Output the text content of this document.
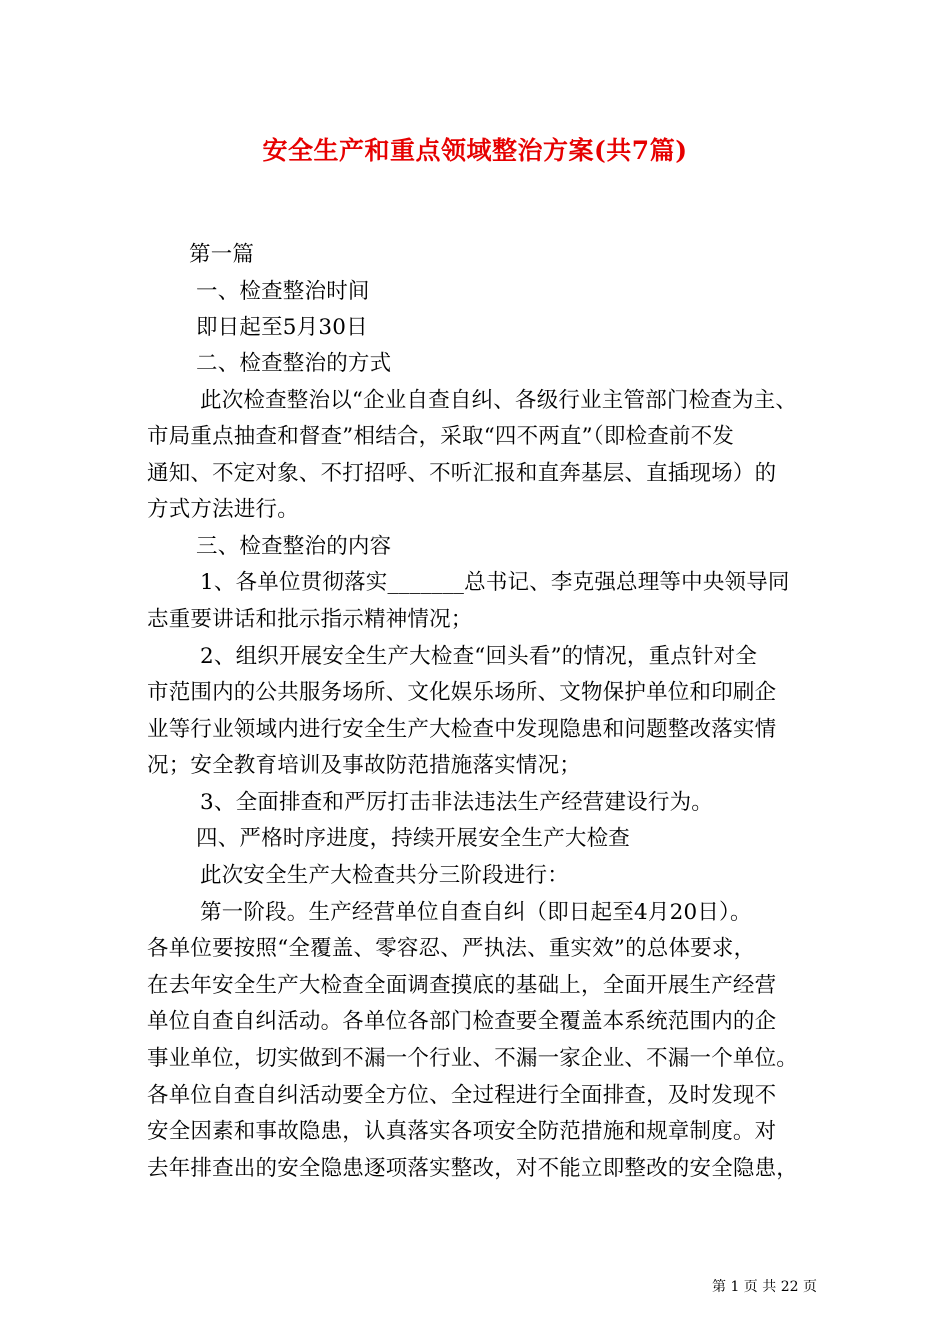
安全生产和重点领域整治方案(共7篇)
第一篇
一、检查整治时间
即日起至5月30日
二、检查整治的方式
此次检查整治以“企业自查自纠、各级行业主管部门检查为主、
市局重点抽查和督查”相结合，采取“四不两直”（即检查前不发
通知、不定对象、不打招呼、不听汇报和直奔基层、直插现场）的
方式方法进行。
三、检查整治的内容
1、各单位贯彻落实_______总书记、李克强总理等中央领导同
志重要讲话和批示指示精神情况；
2、组织开展安全生产大检查“回头看”的情况，重点针对全
市范围内的公共服务场所、文化娱乐场所、文物保护单位和印刷企
业等行业领域内进行安全生产大检查中发现隐患和问题整改落实情
况；安全教育培训及事故防范措施落实情况；
3、全面排查和严厉打击非法违法生产经营建设行为。
四、严格时序进度，持续开展安全生产大检查
此次安全生产大检查共分三阶段进行：
第一阶段。生产经营单位自查自纠（即日起至4月20日）。
各单位要按照“全覆盖、零容忍、严执法、重实效”的总体要求，
在去年安全生产大检查全面调查摸底的基础上，全面开展生产经营
单位自查自纠活动。各单位各部门检查要全覆盖本系统范围内的企
事业单位，切实做到不漏一个行业、不漏一家企业、不漏一个单位。
各单位自查自纠活动要全方位、全过程进行全面排查，及时发现不
安全因素和事故隐患，认真落实各项安全防范措施和规章制度。对
去年排查出的安全隐患逐项落实整改，对不能立即整改的安全隐患，
第 1 页 共 22 页
